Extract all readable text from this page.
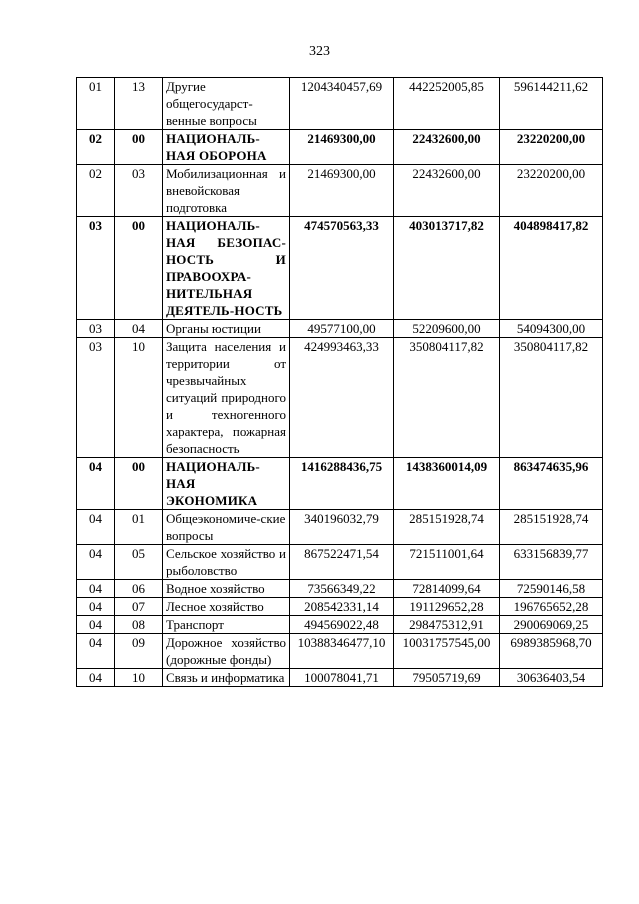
323
01	13	Другие общегосударст-венные вопросы	1204340457,69	442252005,85	596144211,62
02	00	НАЦИОНАЛЬ-НАЯ ОБОРОНА	21469300,00	22432600,00	23220200,00
02	03	Мобилизационная и вневойсковая подготовка	21469300,00	22432600,00	23220200,00
03	00	НАЦИОНАЛЬ-НАЯ БЕЗОПАС-НОСТЬ И ПРАВООХРА-НИТЕЛЬНАЯ ДЕЯТЕЛЬ-НОСТЬ	474570563,33	403013717,82	404898417,82
03	04	Органы юстиции	49577100,00	52209600,00	54094300,00
03	10	Защита населения и территории от чрезвычайных ситуаций природного и техногенного характера, пожарная безопасность	424993463,33	350804117,82	350804117,82
04	00	НАЦИОНАЛЬ-НАЯ ЭКОНОМИКА	1416288436,75	1438360014,09	863474635,96
04	01	Общеэкономиче-ские вопросы	340196032,79	285151928,74	285151928,74
04	05	Сельское хозяйство и рыболовство	867522471,54	721511001,64	633156839,77
04	06	Водное хозяйство	73566349,22	72814099,64	72590146,58
04	07	Лесное хозяйство	208542331,14	191129652,28	196765652,28
04	08	Транспорт	494569022,48	298475312,91	290069069,25
04	09	Дорожное хозяйство (дорожные фонды)	10388346477,10	10031757545,00	6989385968,70
04	10	Связь и информатика	100078041,71	79505719,69	30636403,54
